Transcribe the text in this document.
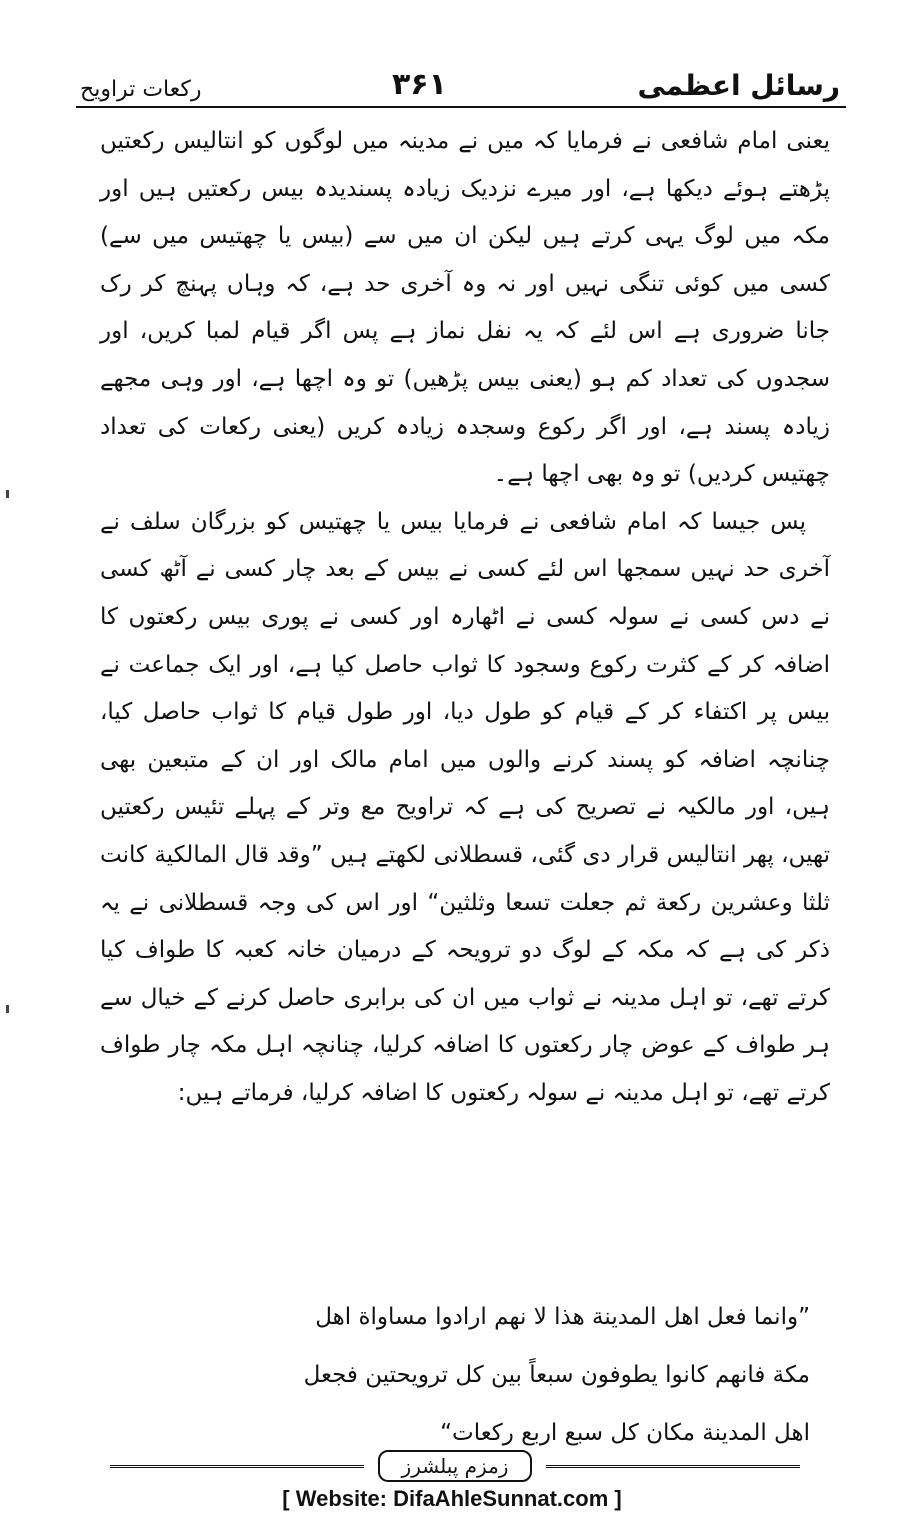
رکعات تراویح	۳۶۱	رسائل اعظمی

یعنی امام شافعی نے فرمایا کہ میں نے مدینہ میں لوگوں کو انتالیس رکعتیں پڑھتے ہوئے دیکھا ہے، اور میرے نزدیک زیادہ پسندیدہ بیس رکعتیں ہیں اور مکہ میں لوگ یہی کرتے ہیں لیکن ان میں سے (بیس یا چھتیس میں سے) کسی میں کوئی تنگی نہیں اور نہ وہ آخری حد ہے، کہ وہاں پہنچ کر رک جانا ضروری ہے اس لئے کہ یہ نفل نماز ہے پس اگر قیام لمبا کریں، اور سجدوں کی تعداد کم ہو (یعنی بیس پڑھیں) تو وہ اچھا ہے، اور وہی مجھے زیادہ پسند ہے، اور اگر رکوع وسجدہ زیادہ کریں (یعنی رکعات کی تعداد چھتیس کردیں) تو وہ بھی اچھا ہے۔

پس جیسا کہ امام شافعی نے فرمایا بیس یا چھتیس کو بزرگان سلف نے آخری حد نہیں سمجھا اس لئے کسی نے بیس کے بعد چار کسی نے آٹھ کسی نے دس کسی نے سولہ کسی نے اٹھارہ اور کسی نے پوری بیس رکعتوں کا اضافہ کر کے کثرت رکوع وسجود کا ثواب حاصل کیا ہے، اور ایک جماعت نے بیس پر اکتفاء کر کے قیام کو طول دیا، اور طول قیام کا ثواب حاصل کیا، چنانچہ اضافہ کو پسند کرنے والوں میں امام مالک اور ان کے متبعین بھی ہیں، اور مالکیہ نے تصریح کی ہے کہ تراویح مع وتر کے پہلے تئیس رکعتیں تھیں، پھر انتالیس قرار دی گئی، قسطلانی لکھتے ہیں ”وقد قال المالکیة کانت ثلثا وعشرین رکعة ثم جعلت تسعا وثلثین“ اور اس کی وجہ قسطلانی نے یہ ذکر کی ہے کہ مکہ کے لوگ دو ترویحہ کے درمیان خانہ کعبہ کا طواف کیا کرتے تھے، تو اہل مدینہ نے ثواب میں ان کی برابری حاصل کرنے کے خیال سے ہر طواف کے عوض چار رکعتوں کا اضافہ کرلیا، چنانچہ اہل مکہ چار طواف کرتے تھے، تو اہل مدینہ نے سولہ رکعتوں کا اضافہ کرلیا، فرماتے ہیں:

”وانما فعل اهل المدینة هذا لا نهم ارادوا مساواة اهل

مکة فانهم کانوا یطوفون سبعاً بین کل ترویحتین فجعل

اهل المدینة مکان کل سبع اربع رکعات“

زمزم پبلشرز
[ Website: DifaAhleSunnat.com ]
